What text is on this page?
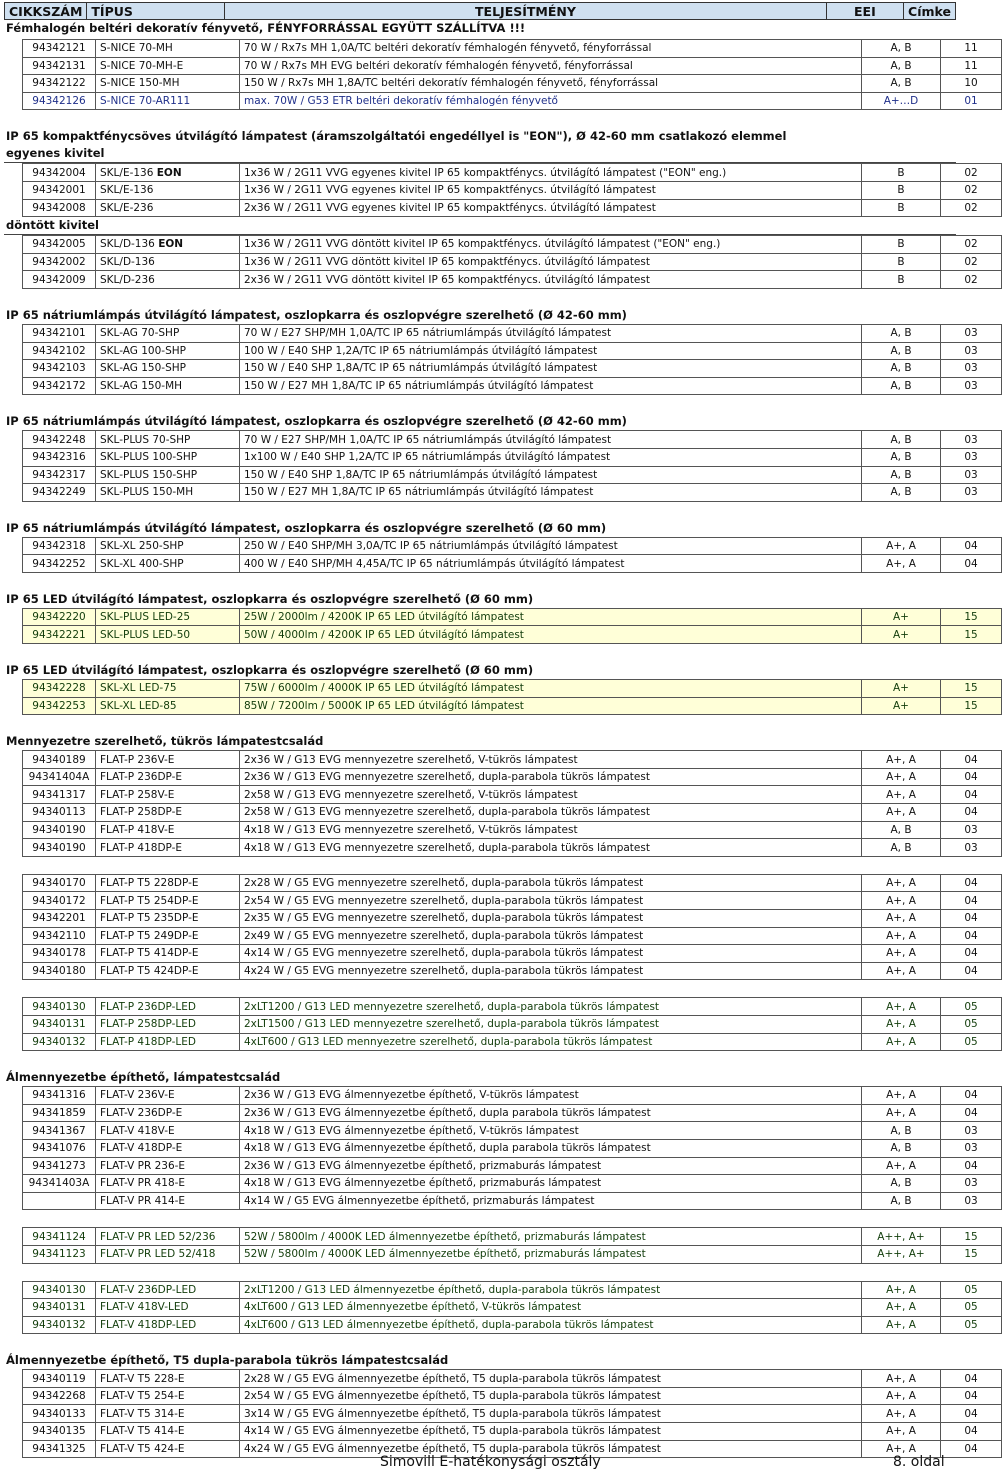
CIKKSZÁM	TÍPUS	TELJESÍTMÉNY	EEI	Címke
Fémhalogén beltéri dekoratív fényvető, FÉNYFORRÁSSAL EGYÜTT SZÁLLÍTVA !!!
94342121	S-NICE 70-MH	70 W / Rx7s MH 1,0A/TC beltéri dekoratív fémhalogén fényvető, fényforrással	A, B	11
94342131	S-NICE 70-MH-E	70 W / Rx7s MH EVG beltéri dekoratív fémhalogén fényvető, fényforrással	A, B	11
94342122	S-NICE 150-MH	150 W / Rx7s MH 1,8A/TC beltéri dekoratív fémhalogén fényvető, fényforrással	A, B	10
94342126	S-NICE 70-AR111	max. 70W / G53 ETR beltéri dekoratív fémhalogén fényvető	A+…D	01
IP 65 kompaktfénycsöves útvilágító lámpatest (áramszolgáltatói engedéllyel is "EON"), Ø 42-60 mm csatlakozó elemmel
egyenes kivitel
94342004	SKL/E-136 EON	1x36 W / 2G11 VVG egyenes kivitel IP 65 kompaktfénycs. útvilágító lámpatest ("EON" eng.)	B	02
94342001	SKL/E-136	1x36 W / 2G11 VVG egyenes kivitel IP 65 kompaktfénycs. útvilágító lámpatest	B	02
94342008	SKL/E-236	2x36 W / 2G11 VVG egyenes kivitel IP 65 kompaktfénycs. útvilágító lámpatest	B	02
döntött kivitel
94342005	SKL/D-136 EON	1x36 W / 2G11 VVG döntött kivitel IP 65 kompaktfénycs. útvilágító lámpatest ("EON" eng.)	B	02
94342002	SKL/D-136	1x36 W / 2G11 VVG döntött kivitel IP 65 kompaktfénycs. útvilágító lámpatest	B	02
94342009	SKL/D-236	2x36 W / 2G11 VVG döntött kivitel IP 65 kompaktfénycs. útvilágító lámpatest	B	02
IP 65 nátriumlámpás útvilágító lámpatest, oszlopkarra és oszlopvégre szerelhető (Ø 42-60 mm)
94342101	SKL-AG 70-SHP	70 W / E27 SHP/MH 1,0A/TC IP 65 nátriumlámpás útvilágító lámpatest	A, B	03
94342102	SKL-AG 100-SHP	100 W / E40 SHP 1,2A/TC IP 65 nátriumlámpás útvilágító lámpatest	A, B	03
94342103	SKL-AG 150-SHP	150 W / E40 SHP 1,8A/TC IP 65 nátriumlámpás útvilágító lámpatest	A, B	03
94342172	SKL-AG 150-MH	150 W / E27 MH 1,8A/TC IP 65 nátriumlámpás útvilágító lámpatest	A, B	03
IP 65 nátriumlámpás útvilágító lámpatest, oszlopkarra és oszlopvégre szerelhető (Ø 42-60 mm)
94342248	SKL-PLUS 70-SHP	70 W / E27 SHP/MH 1,0A/TC IP 65 nátriumlámpás útvilágító lámpatest	A, B	03
94342316	SKL-PLUS 100-SHP	1x100 W / E40 SHP 1,2A/TC IP 65 nátriumlámpás útvilágító lámpatest	A, B	03
94342317	SKL-PLUS 150-SHP	150 W / E40 SHP 1,8A/TC IP 65 nátriumlámpás útvilágító lámpatest	A, B	03
94342249	SKL-PLUS 150-MH	150 W / E27 MH 1,8A/TC IP 65 nátriumlámpás útvilágító lámpatest	A, B	03
IP 65 nátriumlámpás útvilágító lámpatest, oszlopkarra és oszlopvégre szerelhető (Ø 60 mm)
94342318	SKL-XL 250-SHP	250 W / E40 SHP/MH 3,0A/TC IP 65 nátriumlámpás útvilágító lámpatest	A+, A	04
94342252	SKL-XL 400-SHP	400 W / E40 SHP/MH 4,45A/TC IP 65 nátriumlámpás útvilágító lámpatest	A+, A	04
IP 65 LED útvilágító lámpatest, oszlopkarra és oszlopvégre szerelhető (Ø 60 mm)
94342220	SKL-PLUS LED-25	25W / 2000lm / 4200K IP 65 LED útvilágító lámpatest	A+	15
94342221	SKL-PLUS LED-50	50W / 4000lm / 4200K IP 65 LED útvilágító lámpatest	A+	15
IP 65 LED útvilágító lámpatest, oszlopkarra és oszlopvégre szerelhető (Ø 60 mm)
94342228	SKL-XL LED-75	75W / 6000lm / 4000K IP 65 LED útvilágító lámpatest	A+	15
94342253	SKL-XL LED-85	85W / 7200lm / 5000K IP 65 LED útvilágító lámpatest	A+	15
Mennyezetre szerelhető, tükrös lámpatestcsalád
94340189	FLAT-P 236V-E	2x36 W / G13 EVG mennyezetre szerelhető, V-tükrös lámpatest	A+, A	04
94341404A	FLAT-P 236DP-E	2x36 W / G13 EVG mennyezetre szerelhető, dupla-parabola tükrös lámpatest	A+, A	04
94341317	FLAT-P 258V-E	2x58 W / G13 EVG mennyezetre szerelhető, V-tükrös lámpatest	A+, A	04
94340113	FLAT-P 258DP-E	2x58 W / G13 EVG mennyezetre szerelhető, dupla-parabola tükrös lámpatest	A+, A	04
94340190	FLAT-P 418V-E	4x18 W / G13 EVG mennyezetre szerelhető, V-tükrös lámpatest	A, B	03
94340190	FLAT-P 418DP-E	4x18 W / G13 EVG mennyezetre szerelhető, dupla-parabola tükrös lámpatest	A, B	03
94340170	FLAT-P T5 228DP-E	2x28 W / G5 EVG mennyezetre szerelhető, dupla-parabola tükrös lámpatest	A+, A	04
94340172	FLAT-P T5 254DP-E	2x54 W / G5 EVG mennyezetre szerelhető, dupla-parabola tükrös lámpatest	A+, A	04
94342201	FLAT-P T5 235DP-E	2x35 W / G5 EVG mennyezetre szerelhető, dupla-parabola tükrös lámpatest	A+, A	04
94342110	FLAT-P T5 249DP-E	2x49 W / G5 EVG mennyezetre szerelhető, dupla-parabola tükrös lámpatest	A+, A	04
94340178	FLAT-P T5 414DP-E	4x14 W / G5 EVG mennyezetre szerelhető, dupla-parabola tükrös lámpatest	A+, A	04
94340180	FLAT-P T5 424DP-E	4x24 W / G5 EVG mennyezetre szerelhető, dupla-parabola tükrös lámpatest	A+, A	04
94340130	FLAT-P 236DP-LED	2xLT1200 / G13 LED mennyezetre szerelhető, dupla-parabola tükrös lámpatest	A+, A	05
94340131	FLAT-P 258DP-LED	2xLT1500 / G13 LED mennyezetre szerelhető, dupla-parabola tükrös lámpatest	A+, A	05
94340132	FLAT-P 418DP-LED	4xLT600 / G13 LED mennyezetre szerelhető, dupla-parabola tükrös lámpatest	A+, A	05
Álmennyezetbe építhető, lámpatestcsalád
94341316	FLAT-V 236V-E	2x36 W / G13 EVG álmennyezetbe építhető, V-tükrös lámpatest	A+, A	04
94341859	FLAT-V 236DP-E	2x36 W / G13 EVG álmennyezetbe építhető, dupla parabola tükrös lámpatest	A+, A	04
94341367	FLAT-V 418V-E	4x18 W / G13 EVG álmennyezetbe építhető, V-tükrös lámpatest	A, B	03
94341076	FLAT-V 418DP-E	4x18 W / G13 EVG álmennyezetbe építhető, dupla parabola tükrös lámpatest	A, B	03
94341273	FLAT-V PR 236-E	2x36 W / G13 EVG álmennyezetbe építhető, prizmaburás lámpatest	A+, A	04
94341403A	FLAT-V PR 418-E	4x18 W / G13 EVG álmennyezetbe építhető, prizmaburás lámpatest	A, B	03
	FLAT-V PR 414-E	4x14 W / G5 EVG álmennyezetbe építhető, prizmaburás lámpatest	A, B	03
94341124	FLAT-V PR LED 52/236	52W / 5800lm / 4000K LED álmennyezetbe építhető, prizmaburás lámpatest	A++, A+	15
94341123	FLAT-V PR LED 52/418	52W / 5800lm / 4000K LED álmennyezetbe építhető, prizmaburás lámpatest	A++, A+	15
94340130	FLAT-V 236DP-LED	2xLT1200 / G13 LED álmennyezetbe építhető, dupla-parabola tükrös lámpatest	A+, A	05
94340131	FLAT-V 418V-LED	4xLT600 / G13 LED álmennyezetbe építhető, V-tükrös lámpatest	A+, A	05
94340132	FLAT-V 418DP-LED	4xLT600 / G13 LED álmennyezetbe építhető, dupla-parabola tükrös lámpatest	A+, A	05
Álmennyezetbe építhető, T5 dupla-parabola tükrös lámpatestcsalád
94340119	FLAT-V T5 228-E	2x28 W / G5 EVG álmennyezetbe építhető, T5 dupla-parabola tükrös lámpatest	A+, A	04
94342268	FLAT-V T5 254-E	2x54 W / G5 EVG álmennyezetbe építhető, T5 dupla-parabola tükrös lámpatest	A+, A	04
94340133	FLAT-V T5 314-E	3x14 W / G5 EVG álmennyezetbe építhető, T5 dupla-parabola tükrös lámpatest	A+, A	04
94340135	FLAT-V T5 414-E	4x14 W / G5 EVG álmennyezetbe építhető, T5 dupla-parabola tükrös lámpatest	A+, A	04
94341325	FLAT-V T5 424-E	4x24 W / G5 EVG álmennyezetbe építhető, T5 dupla-parabola tükrös lámpatest	A+, A	04
Simovill E-hatékonysági osztály	8. oldal
